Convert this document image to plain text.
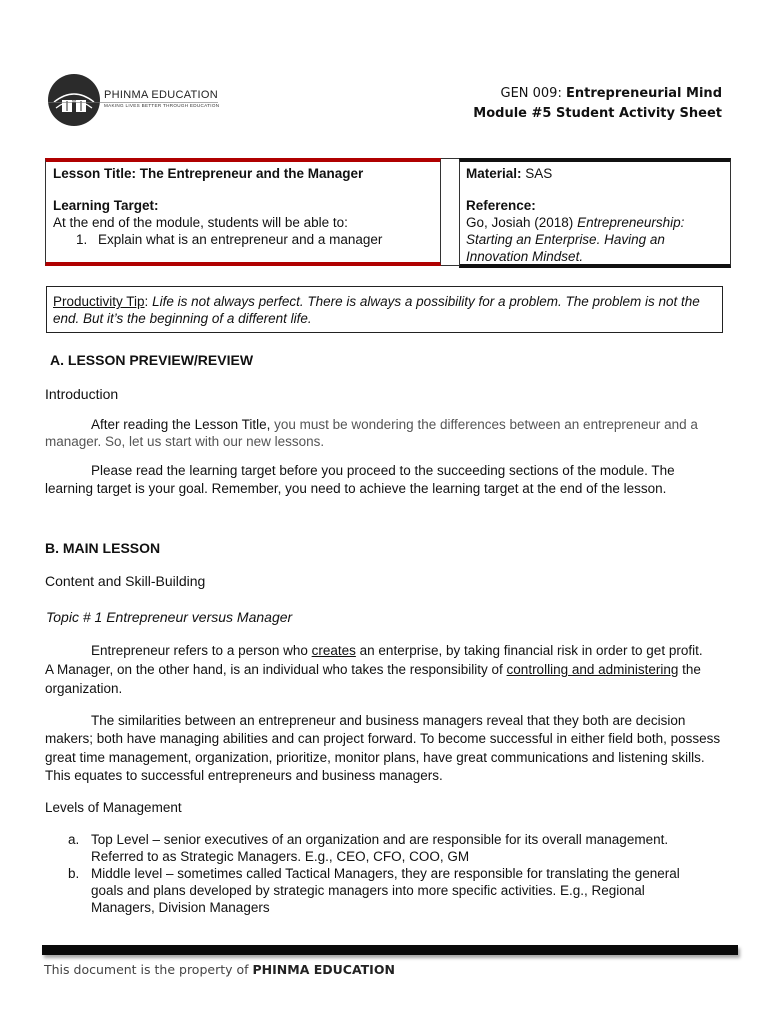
PHINMA EDUCATION
MAKING LIVES BETTER THROUGH EDUCATION
GEN 009: Entrepreneurial Mind
Module #5 Student Activity Sheet
Lesson Title: The Entrepreneur and the Manager
Learning Target:
At the end of the module, students will be able to:
1. Explain what is an entrepreneur and a manager
Material: SAS
Reference:
Go, Josiah (2018) Entrepreneurship:
Starting an Enterprise. Having an
Innovation Mindset.
Productivity Tip: Life is not always perfect. There is always a possibility for a problem. The problem is not the
end. But it’s the beginning of a different life.
A. LESSON PREVIEW/REVIEW
Introduction
After reading the Lesson Title, you must be wondering the differences between an entrepreneur and a
manager. So, let us start with our new lessons.
Please read the learning target before you proceed to the succeeding sections of the module. The
learning target is your goal. Remember, you need to achieve the learning target at the end of the lesson.
B. MAIN LESSON
Content and Skill-Building
Topic # 1 Entrepreneur versus Manager
Entrepreneur refers to a person who creates an enterprise, by taking financial risk in order to get profit.
A Manager, on the other hand, is an individual who takes the responsibility of controlling and administering the
organization.
The similarities between an entrepreneur and business managers reveal that they both are decision
makers; both have managing abilities and can project forward. To become successful in either field both, possess
great time management, organization, prioritize, monitor plans, have great communications and listening skills.
This equates to successful entrepreneurs and business managers.
Levels of Management
a. Top Level – senior executives of an organization and are responsible for its overall management.
Referred to as Strategic Managers. E.g., CEO, CFO, COO, GM
b. Middle level – sometimes called Tactical Managers, they are responsible for translating the general
goals and plans developed by strategic managers into more specific activities. E.g., Regional
Managers, Division Managers
This document is the property of PHINMA EDUCATION
